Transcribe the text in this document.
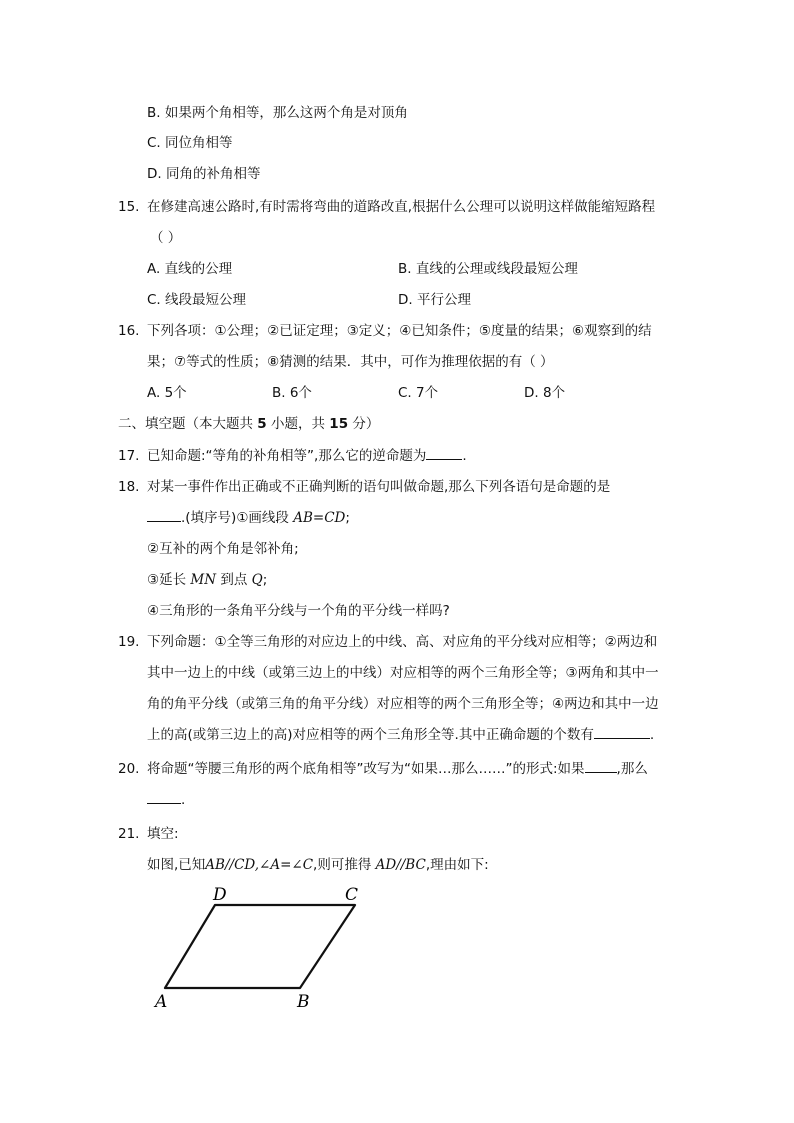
B. 如果两个角相等，那么这两个角是对顶角
C. 同位角相等
D. 同角的补角相等
15. 在修建高速公路时,有时需将弯曲的道路改直,根据什么公理可以说明这样做能缩短路程
（ ）
A. 直线的公理	B. 直线的公理或线段最短公理
C. 线段最短公理	D. 平行公理
16. 下列各项：①公理；②已证定理；③定义；④已知条件；⑤度量的结果；⑥观察到的结
果；⑦等式的性质；⑧猜测的结果．其中，可作为推理依据的有（ ）
A. 5个	B. 6个	C. 7个	D. 8个
二、填空题（本大题共 5 小题，共 15 分）
17. 已知命题:“等角的补角相等”,那么它的逆命题为	.
18. 对某一事件作出正确或不正确判断的语句叫做命题,那么下列各语句是命题的是
.(填序号)①画线段 AB=CD;
②互补的两个角是邻补角;
③延长 MN 到点 Q;
④三角形的一条角平分线与一个角的平分线一样吗?
19. 下列命题：①全等三角形的对应边上的中线、高、对应角的平分线对应相等；②两边和
其中一边上的中线（或第三边上的中线）对应相等的两个三角形全等；③两角和其中一
角的角平分线（或第三角的角平分线）对应相等的两个三角形全等；④两边和其中一边
上的高(或第三边上的高)对应相等的两个三角形全等.其中正确命题的个数有	.
20. 将命题“等腰三角形的两个底角相等”改写为“如果…那么……”的形式:如果 ,那么
.
21. 填空:
如图,已知AB//CD,∠A=∠C,则可推得 AD//BC,理由如下:
A	B
C
D
